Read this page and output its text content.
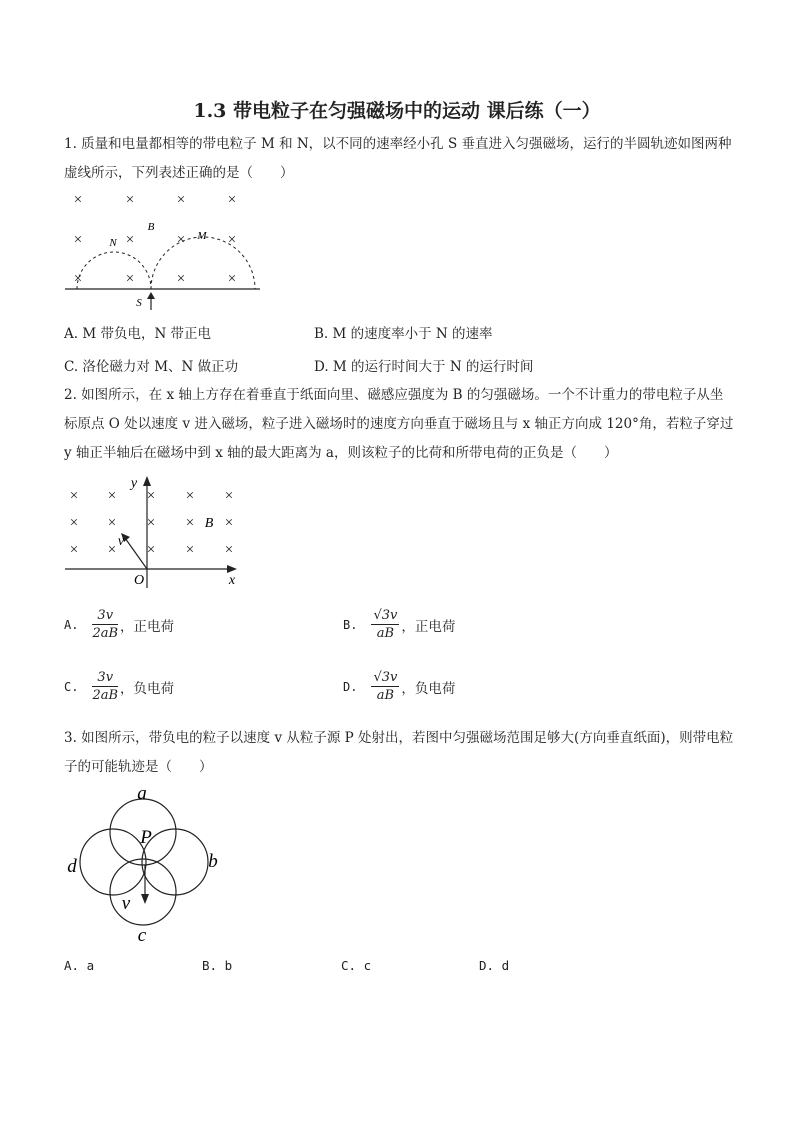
1.3 带电粒子在匀强磁场中的运动 课后练（一）
1. 质量和电量都相等的带电粒子 M 和 N，以不同的速率经小孔 S 垂直进入匀强磁场，运行的半圆轨迹如图两种虚线所示，下列表述正确的是（　　）
×	×	×	×
×	×	×	×
×	×	×	×
B
N
M
S
A. M 带负电，N 带正电	B. M 的速度率小于 N 的速率
C. 洛伦磁力对 M、N 做正功	D. M 的运行时间大于 N 的运行时间
2. 如图所示，在 x 轴上方存在着垂直于纸面向里、磁感应强度为 B 的匀强磁场。一个不计重力的带电粒子从坐标原点 O 处以速度 v 进入磁场，粒子进入磁场时的速度方向垂直于磁场且与 x 轴正方向成 120°角，若粒子穿过 y 轴正半轴后在磁场中到 x 轴的最大距离为 a，则该粒子的比荷和所带电荷的正负是（　　）
× × × × ×
× × × × ×
× × × × ×
y
x
O
B
v
A. $\frac{3v}{2aB}$ ，正电荷	B. $\frac{√3v}{aB}$ ，正电荷
C. $\frac{3v}{2aB}$ ，负电荷	D. $\frac{√3v}{aB}$ ，负电荷
3. 如图所示，带负电的粒子以速度 v 从粒子源 P 处射出，若图中匀强磁场范围足够大(方向垂直纸面)，则带电粒子的可能轨迹是（　　）
a
b
c
d
P
v
A. a	B. b	C. c	D. d
